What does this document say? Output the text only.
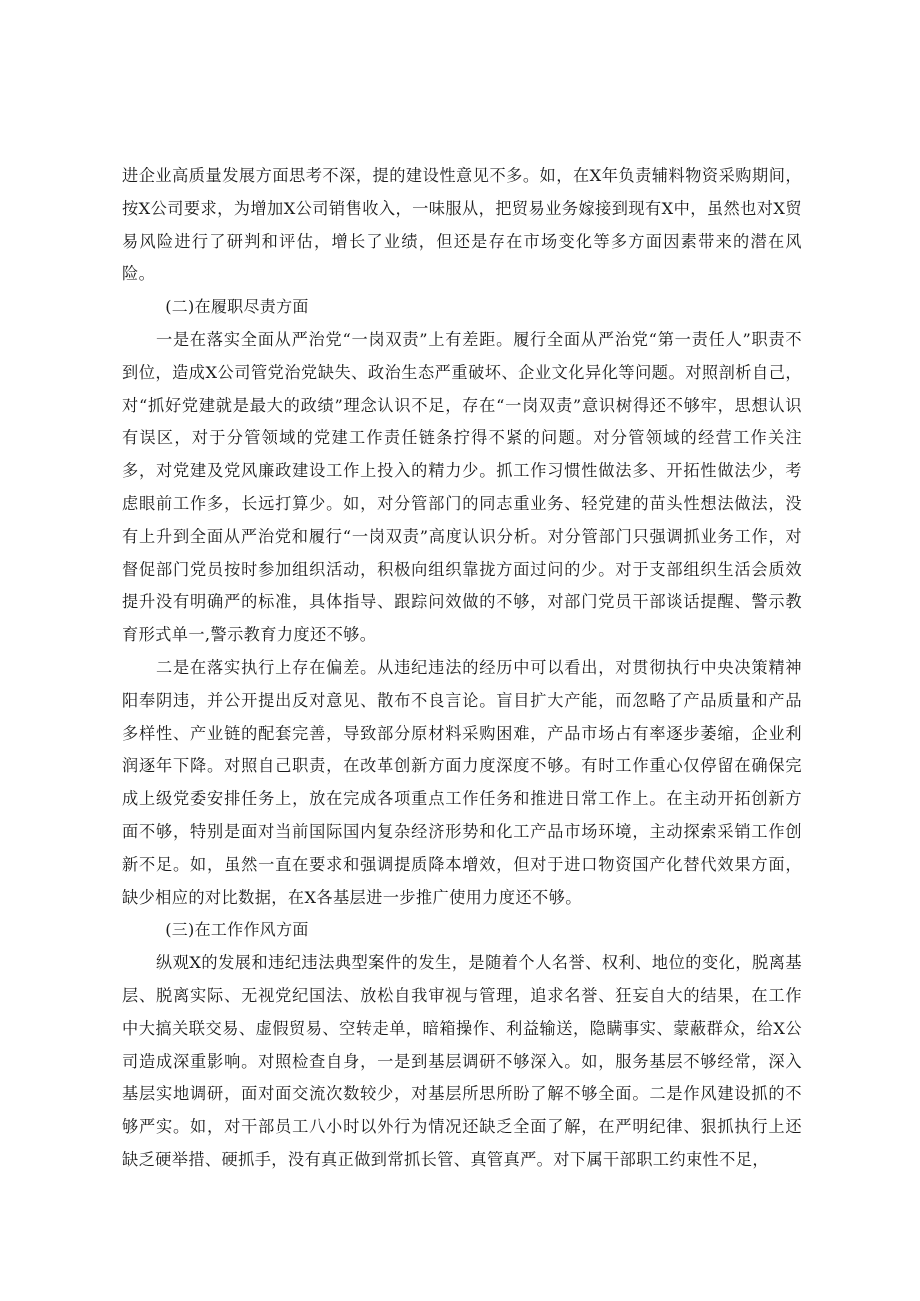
进企业高质量发展方面思考不深，提的建设性意见不多。如，在X年负责辅料物资采购期间，按X公司要求，为增加X公司销售收入，一味服从，把贸易业务嫁接到现有X中，虽然也对X贸易风险进行了研判和评估，增长了业绩，但还是存在市场变化等多方面因素带来的潜在风险。

(二)在履职尽责方面

一是在落实全面从严治党“一岗双责”上有差距。履行全面从严治党“第一责任人”职责不到位，造成X公司管党治党缺失、政治生态严重破坏、企业文化异化等问题。对照剖析自己，对“抓好党建就是最大的政绩”理念认识不足，存在“一岗双责”意识树得还不够牢，思想认识有误区，对于分管领域的党建工作责任链条拧得不紧的问题。对分管领域的经营工作关注多，对党建及党风廉政建设工作上投入的精力少。抓工作习惯性做法多、开拓性做法少，考虑眼前工作多，长远打算少。如，对分管部门的同志重业务、轻党建的苗头性想法做法，没有上升到全面从严治党和履行“一岗双责”高度认识分析。对分管部门只强调抓业务工作，对督促部门党员按时参加组织活动，积极向组织靠拢方面过问的少。对于支部组织生活会质效提升没有明确严的标准，具体指导、跟踪问效做的不够，对部门党员干部谈话提醒、警示教育形式单一,警示教育力度还不够。

二是在落实执行上存在偏差。从违纪违法的经历中可以看出，对贯彻执行中央决策精神阳奉阴违，并公开提出反对意见、散布不良言论。盲目扩大产能，而忽略了产品质量和产品多样性、产业链的配套完善，导致部分原材料采购困难，产品市场占有率逐步萎缩，企业利润逐年下降。对照自己职责，在改革创新方面力度深度不够。有时工作重心仅停留在确保完成上级党委安排任务上，放在完成各项重点工作任务和推进日常工作上。在主动开拓创新方面不够，特别是面对当前国际国内复杂经济形势和化工产品市场环境，主动探索采销工作创新不足。如，虽然一直在要求和强调提质降本增效，但对于进口物资国产化替代效果方面，缺少相应的对比数据，在X各基层进一步推广使用力度还不够。

(三)在工作作风方面

纵观X的发展和违纪违法典型案件的发生，是随着个人名誉、权利、地位的变化，脱离基层、脱离实际、无视党纪国法、放松自我审视与管理，追求名誉、狂妄自大的结果，在工作中大搞关联交易、虚假贸易、空转走单，暗箱操作、利益输送，隐瞒事实、蒙蔽群众，给X公司造成深重影响。对照检查自身，一是到基层调研不够深入。如，服务基层不够经常，深入基层实地调研，面对面交流次数较少，对基层所思所盼了解不够全面。二是作风建设抓的不够严实。如，对干部员工八小时以外行为情况还缺乏全面了解，在严明纪律、狠抓执行上还缺乏硬举措、硬抓手，没有真正做到常抓长管、真管真严。对下属干部职工约束性不足，
